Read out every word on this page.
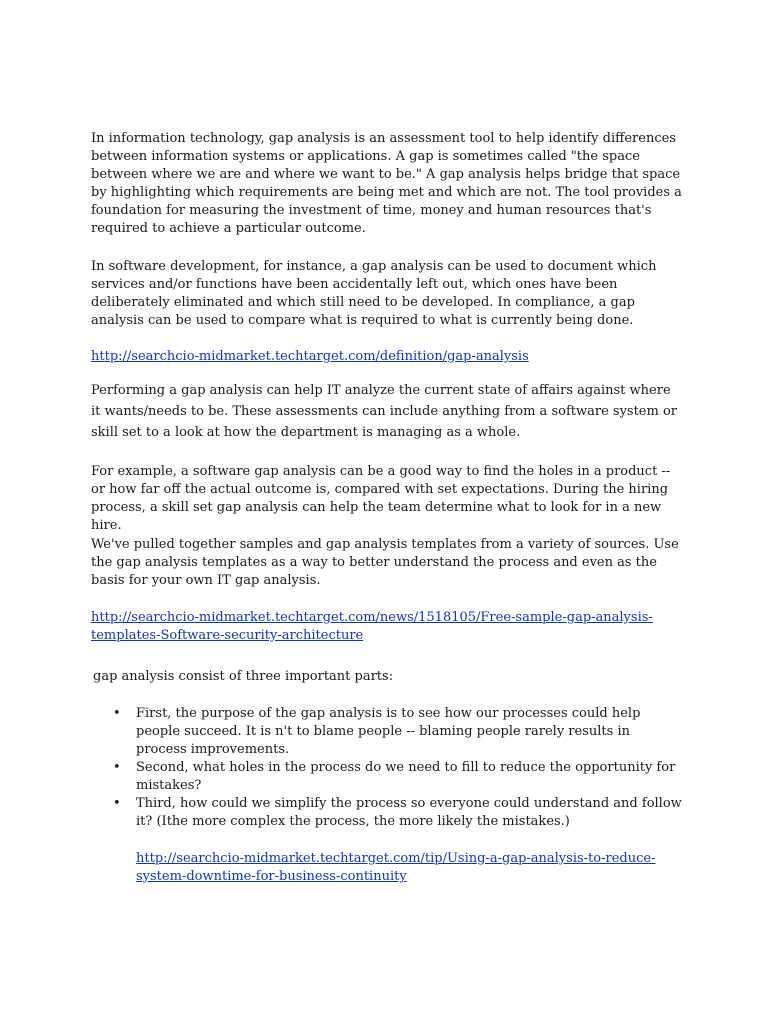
In information technology, gap analysis is an assessment tool to help identify differences between information systems or applications. A gap is sometimes called "the space between where we are and where we want to be." A gap analysis helps bridge that space by highlighting which requirements are being met and which are not. The tool provides a foundation for measuring the investment of time, money and human resources that's required to achieve a particular outcome.

In software development, for instance, a gap analysis can be used to document which services and/or functions have been accidentally left out, which ones have been deliberately eliminated and which still need to be developed. In compliance, a gap analysis can be used to compare what is required to what is currently being done.

http://searchcio-midmarket.techtarget.com/definition/gap-analysis

Performing a gap analysis can help IT analyze the current state of affairs against where it wants/needs to be. These assessments can include anything from a software system or skill set to a look at how the department is managing as a whole.

For example, a software gap analysis can be a good way to find the holes in a product -- or how far off the actual outcome is, compared with set expectations. During the hiring process, a skill set gap analysis can help the team determine what to look for in a new hire.

We've pulled together samples and gap analysis templates from a variety of sources. Use the gap analysis templates as a way to better understand the process and even as the basis for your own IT gap analysis.

http://searchcio-midmarket.techtarget.com/news/1518105/Free-sample-gap-analysis-templates-Software-security-architecture

gap analysis consist of three important parts:

• First, the purpose of the gap analysis is to see how our processes could help people succeed. It is n't to blame people -- blaming people rarely results in process improvements.
• Second, what holes in the process do we need to fill to reduce the opportunity for mistakes?
• Third, how could we simplify the process so everyone could understand and follow it? (Ithe more complex the process, the more likely the mistakes.)

http://searchcio-midmarket.techtarget.com/tip/Using-a-gap-analysis-to-reduce-system-downtime-for-business-continuity
